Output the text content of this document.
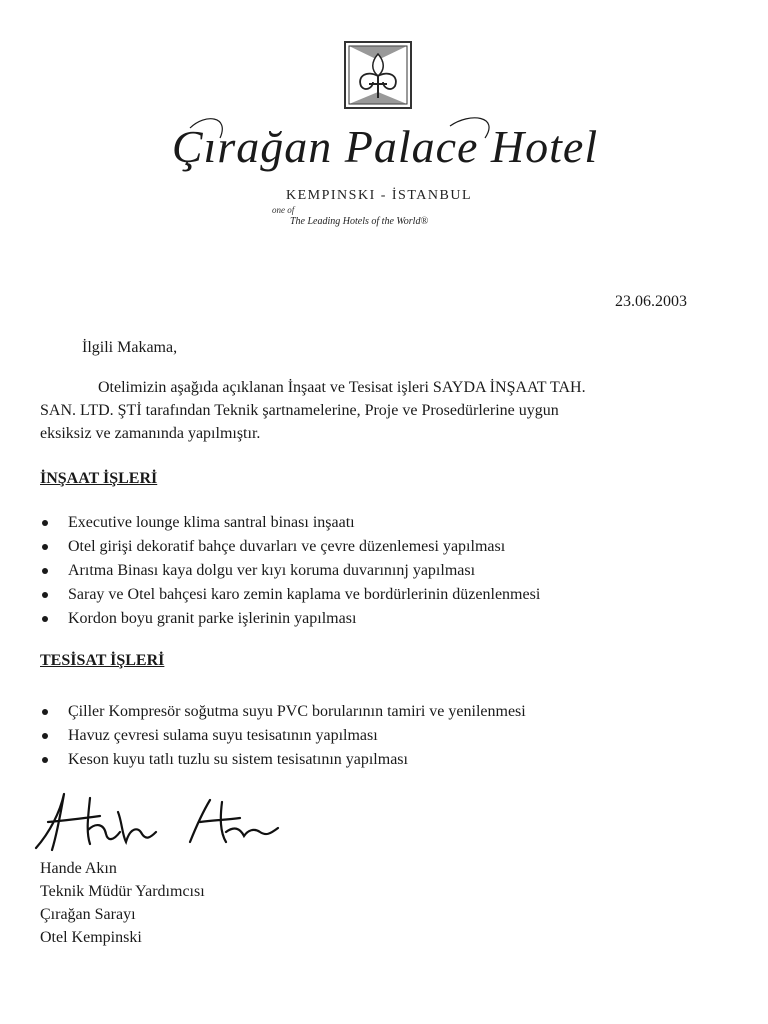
Çırağan Palace Hotel
KEMPINSKI - İSTANBUL
one of
The Leading Hotels of the World®
23.06.2003
İlgili Makama,
Otelimizin aşağıda açıklanan İnşaat ve Tesisat işleri SAYDA İNŞAAT TAH.
SAN. LTD. ŞTİ tarafından Teknik şartnamelerine, Proje ve Prosedürlerine uygun
eksiksiz ve zamanında yapılmıştır.
İNŞAAT İŞLERİ
Executive lounge klima santral binası inşaatı
Otel girişi dekoratif bahçe duvarları ve çevre düzenlemesi yapılması
Arıtma Binası kaya dolgu ver kıyı koruma duvarınınj yapılması
Saray ve Otel bahçesi karo zemin kaplama ve bordürlerinin düzenlenmesi
Kordon boyu granit parke işlerinin yapılması
TESİSAT İŞLERİ
Çiller Kompresör soğutma suyu PVC borularının tamiri ve yenilenmesi
Havuz çevresi sulama suyu tesisatının yapılması
Keson kuyu tatlı tuzlu su sistem tesisatının yapılması
Hande Akın
Teknik Müdür Yardımcısı
Çırağan Sarayı
Otel Kempinski
